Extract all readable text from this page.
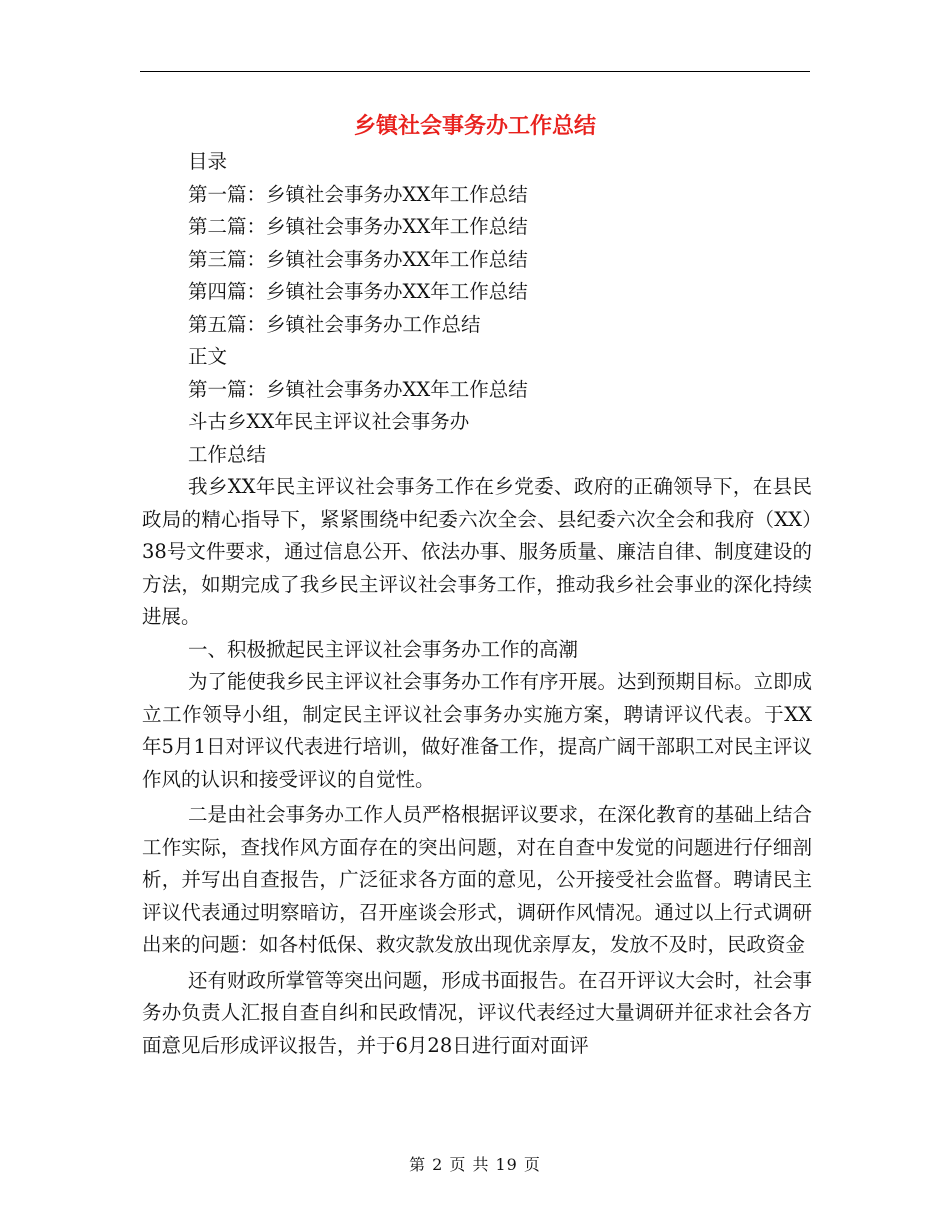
乡镇社会事务办工作总结
目录
第一篇：乡镇社会事务办XX年工作总结
第二篇：乡镇社会事务办XX年工作总结
第三篇：乡镇社会事务办XX年工作总结
第四篇：乡镇社会事务办XX年工作总结
第五篇：乡镇社会事务办工作总结
正文
第一篇：乡镇社会事务办XX年工作总结
斗古乡XX年民主评议社会事务办
工作总结
我乡XX年民主评议社会事务工作在乡党委、政府的正确领导下，在县民政局的精心指导下，紧紧围绕中纪委六次全会、县纪委六次全会和我府（XX）38号文件要求，通过信息公开、依法办事、服务质量、廉洁自律、制度建设的方法，如期完成了我乡民主评议社会事务工作，推动我乡社会事业的深化持续进展。
一、积极掀起民主评议社会事务办工作的高潮
为了能使我乡民主评议社会事务办工作有序开展。达到预期目标。立即成立工作领导小组，制定民主评议社会事务办实施方案，聘请评议代表。于XX年5月1日对评议代表进行培训，做好准备工作，提高广阔干部职工对民主评议作风的认识和接受评议的自觉性。
二是由社会事务办工作人员严格根据评议要求，在深化教育的基础上结合工作实际，查找作风方面存在的突出问题，对在自查中发觉的问题进行仔细剖析，并写出自查报告，广泛征求各方面的意见，公开接受社会监督。聘请民主评议代表通过明察暗访，召开座谈会形式，调研作风情况。通过以上行式调研出来的问题：如各村低保、救灾款发放出现优亲厚友，发放不及时，民政资金
还有财政所掌管等突出问题，形成书面报告。在召开评议大会时，社会事务办负责人汇报自查自纠和民政情况，评议代表经过大量调研并征求社会各方面意见后形成评议报告，并于6月28日进行面对面评
第 2 页 共 19 页
